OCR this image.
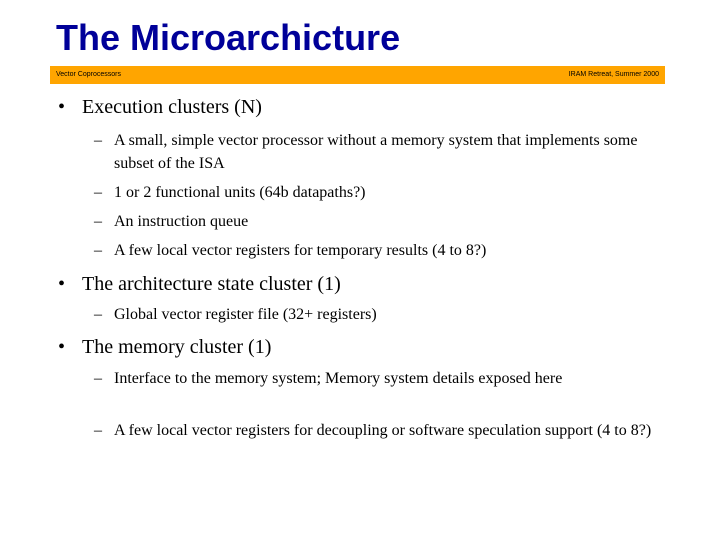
The Microarchicture
Vector Coprocessors	IRAM Retreat, Summer 2000
• Execution clusters (N)
– A small, simple vector processor without a memory system that implements some subset of the ISA
– 1 or 2 functional units (64b datapaths?)
– An instruction queue
– A few local vector registers for temporary results (4 to 8?)
• The architecture state cluster (1)
– Global vector register file (32+ registers)
• The memory cluster (1)
– Interface to the memory system; Memory system details exposed here
– A few local vector registers for decoupling or software speculation support (4 to 8?)
